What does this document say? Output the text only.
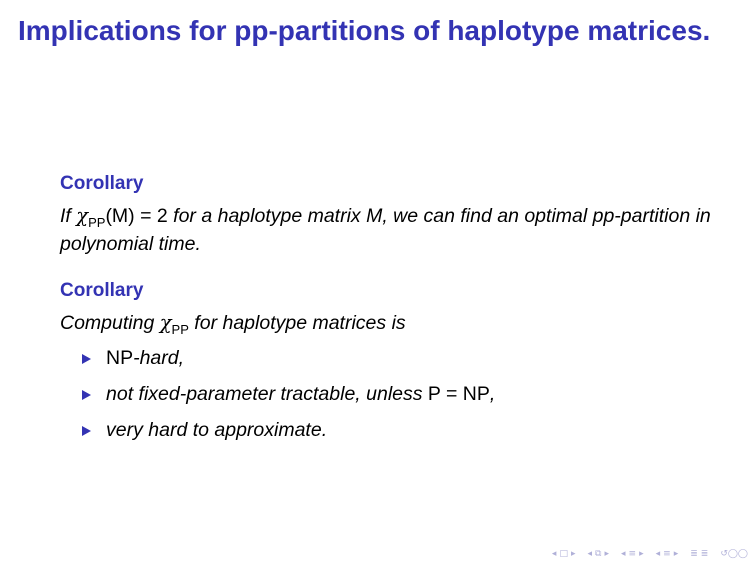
Implications for pp-partitions of haplotype matrices.
Corollary
If $\chi_{PP}(M) = 2$ for a haplotype matrix M, we can find an optimal pp-partition in polynomial time.
Corollary
Computing $\chi_{PP}$ for haplotype matrices is
NP-hard,
not fixed-parameter tractable, unless P = NP,
very hard to approximate.
◂ □ ▸ ◂ ⧉ ▸ ◂ ≡ ▸ ◂ ≡ ▸ ≣ ≣ ↺◯◯
